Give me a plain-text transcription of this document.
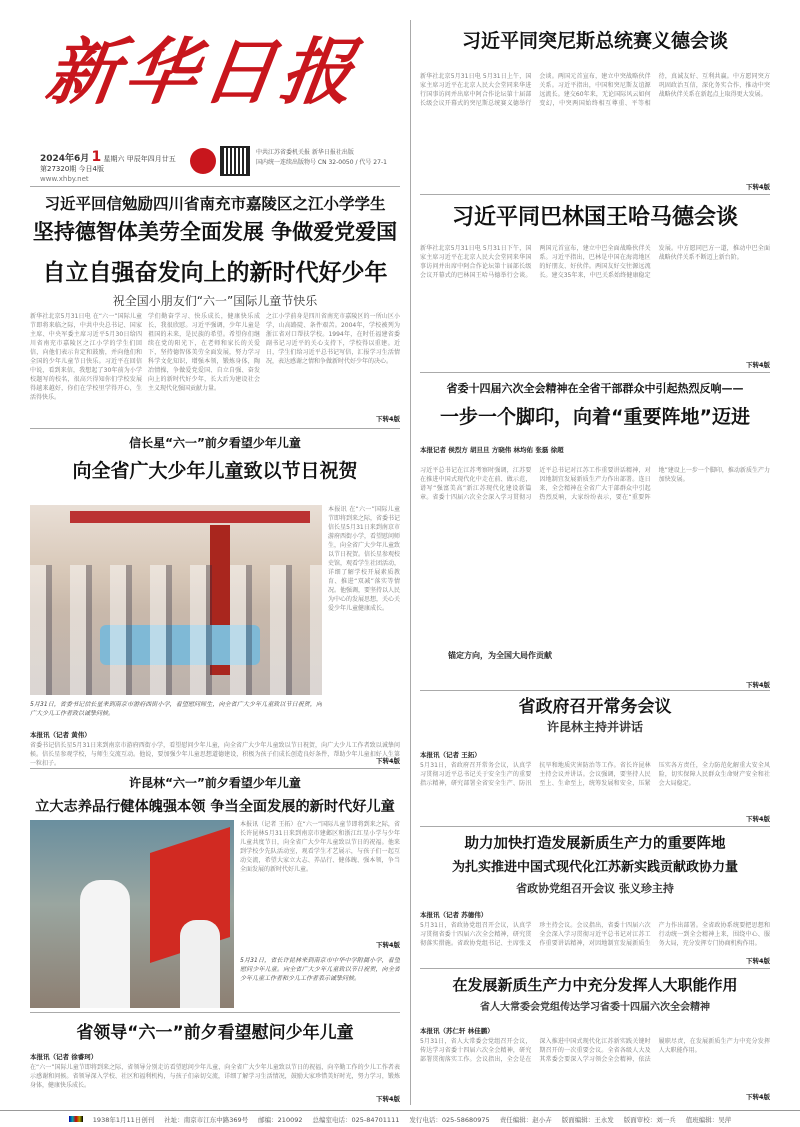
新华日报
2024年6月 1 星期六 甲辰年四月廿五
第27320期 今日4版
www.xhby.net
中共江苏省委机关报 新华日报社出版
国内统一连续出版物号 CN 32-0050 / 代号 27-1
习近平回信勉励四川省南充市嘉陵区之江小学学生
坚持德智体美劳全面发展 争做爱党爱国
自立自强奋发向上的新时代好少年
祝全国小朋友们“六一”国际儿童节快乐
新华社北京5月31日电 在“六一”国际儿童节即将来临之际，中共中央总书记、国家主席、中央军委主席习近平5月30日给四川省南充市嘉陵区之江小学的学生们回信，向他们表示肯定和鼓励，并向他们和全国的少年儿童节日快乐。习近平在回信中说，看到来信，我想起了30年前为小学校题写的校名，很高兴得知你们学校发展得越来越好，你们在学校里学得开心，生活得快乐。
学们勤奋学习、快乐成长，健康快乐成长，我很欣慰。习近平强调，少年儿童是祖国的未来，是民族的希望。希望你们继续在党的阳光下，在老师和家长的关爱下，坚持德智体美劳全面发展，努力学习科学文化知识，增强本领，锻炼身体，陶冶情操，争做爱党爱国、自立自强、奋发向上的新时代好少年，长大后为建设社会主义现代化强国贡献力量。
之江小学前身是四川省南充市嘉陵区的一所山区小学，山高路陡、条件艰苦。2004年，学校被列为浙江省对口帮扶学校。1994年，在时任福建省委副书记习近平的关心支持下，学校得以重建。近日，学生们给习近平总书记写信，汇报学习生活情况，表达感谢之情和争做新时代好少年的决心。
下转4版
信长星“六一”前夕看望少年儿童
向全省广大少年儿童致以节日祝贺
5月31日，省委书记信长星来到南京市游府西街小学，看望慰问师生，向全省广大少年儿童致以节日祝贺，向广大少儿工作者致以诚挚问候。
本报讯 在“六一”国际儿童节即将到来之际，省委书记信长星5月31日来到南京市游府西街小学，看望慰问师生，向全省广大少年儿童致以节日祝贺。信长星参观校史馆，观看学生社团活动，详细了解学校开展素质教育、推进“双减”落实等情况。他强调，要坚持以人民为中心的发展思想，关心关爱少年儿童健康成长。
本报讯（记者 黄伟）
省委书记信长星5月31日来到南京市游府西街小学，看望慰问少年儿童，向全省广大少年儿童致以节日祝贺，向广大少儿工作者致以诚挚问候。信长星参观学校，与师生交流互动。他说，要加强少年儿童思想道德建设，积极为孩子们成长创造良好条件，帮助少年儿童扣好人生第一粒扣子。	下转4版
许昆林“六一”前夕看望少年儿童
立大志养品行健体魄强本领 争当全面发展的新时代好儿童
本报讯（记者 王拓）在“六一”国际儿童节即将到来之际，省长许昆林5月31日来到南京市建邺区和浙江红星小学与少年儿童共度节日，向全省广大少年儿童致以节日的祝福。他来到学校少先队活动室，观看学生才艺展示，与孩子们一起互动交流，希望大家立大志、养品行、健体魄、强本领，争当全面发展的新时代好儿童。
5月31日，省长许昆林来到南京市中华中学附属小学，看望慰问少年儿童。向全省广大少年儿童致以节日祝贺，向全省少年儿童工作者和少儿工作者表示诚挚问候。
下转4版
省领导“六一”前夕看望慰问少年儿童
本报讯（记者 徐睿珂）
在“六一”国际儿童节即将到来之际，省领导分别走访看望慰问少年儿童，向全省广大少年儿童致以节日的祝福，向辛勤工作的少儿工作者表示感谢和问候。省领导深入学校、社区和福利机构，与孩子们亲切交流，详细了解学习生活情况，鼓励大家珍惜美好时光，努力学习，锻炼身体，健康快乐成长。
下转4版
习近平同突尼斯总统赛义德会谈
新华社北京5月31日电 5月31日上午，国家主席习近平在北京人民大会堂同来华进行国事访问并出席中阿合作论坛第十届部长级会议开幕式的突尼斯总统赛义德举行会谈。两国元首宣布，建立中突战略伙伴关系。习近平指出，中国和突尼斯友谊源远流长。建交60年来，无论国际风云如何变幻，中突两国始终相互尊重、平等相待，真诚友好、互利共赢。中方愿同突方巩固政治互信，深化务实合作，推动中突战略伙伴关系在新起点上取得更大发展。
下转4版
习近平同巴林国王哈马德会谈
新华社北京5月31日电 5月31日下午，国家主席习近平在北京人民大会堂同来华国事访问并出席中阿合作论坛第十届部长级会议开幕式的巴林国王哈马德举行会谈。两国元首宣布，建立中巴全面战略伙伴关系。习近平指出，巴林是中国在海湾地区的好朋友、好伙伴。两国友好交往源远流长。建交35年来，中巴关系始终健康稳定发展。中方愿同巴方一道，推动中巴全面战略伙伴关系不断迈上新台阶。
下转4版
省委十四届六次全会精神在全省干部群众中引起热烈反响——
一步一个脚印，向着“重要阵地”迈进
本报记者 侯烈方 胡旦旦 方晓伟 林均佑 张磊 徐超
习近平总书记在江苏考察时强调，江苏要在推进中国式现代化中走在前、做示范，谱写“强富美高”新江苏现代化建设新篇章。省委十四届六次全会深入学习贯彻习近平总书记对江苏工作重要讲话精神，对因地制宜发展新质生产力作出部署。连日来，全会精神在全省广大干部群众中引起热烈反响，大家纷纷表示，要在“重要阵地”建设上一步一个脚印，推动新质生产力加快发展。
锚定方向，为全国大局作贡献
下转4版
省政府召开常务会议
许昆林主持并讲话
本报讯（记者 王拓）
5月31日，省政府召开常务会议，认真学习贯彻习近平总书记关于安全生产的重要指示精神，研究部署全省安全生产、防汛抗旱和地质灾害防治等工作。省长许昆林主持会议并讲话。会议强调，要坚持人民至上、生命至上，统筹发展和安全，压紧压实各方责任，全力防范化解重大安全风险，切实保障人民群众生命财产安全和社会大局稳定。
下转4版
助力加快打造发展新质生产力的重要阵地
为扎实推进中国式现代化江苏新实践贡献政协力量
省政协党组召开会议 张义珍主持
本报讯（记者 苏德伟）
5月31日，省政协党组召开会议，认真学习贯彻省委十四届六次全会精神，研究贯彻落实措施。省政协党组书记、主席张义珍主持会议。会议指出，省委十四届六次全会深入学习贯彻习近平总书记对江苏工作重要讲话精神，对因地制宜发展新质生产力作出部署。全省政协系统要把思想和行动统一到全会精神上来，围绕中心、服务大局，充分发挥专门协商机构作用。
下转4版
在发展新质生产力中充分发挥人大职能作用
省人大常委会党组传达学习省委十四届六次全会精神
本报讯（苏仁轩 林佳鹏）
5月31日，省人大常委会党组召开会议，传达学习省委十四届六次全会精神，研究部署贯彻落实工作。会议指出，全会是在深入推进中国式现代化江苏新实践关键时期召开的一次重要会议。全省各级人大及其常委会要深入学习领会全会精神，依法履职尽责，在发展新质生产力中充分发挥人大职能作用。
下转4版
1938年1月11日创刊 社址：南京市江东中路369号 邮编：210092 总编室电话：025-84701111 发行电话：025-58680975 责任编辑：赵小卉 版面编辑：王永发 版面审校：刘一兵 值班编辑：吴萍
